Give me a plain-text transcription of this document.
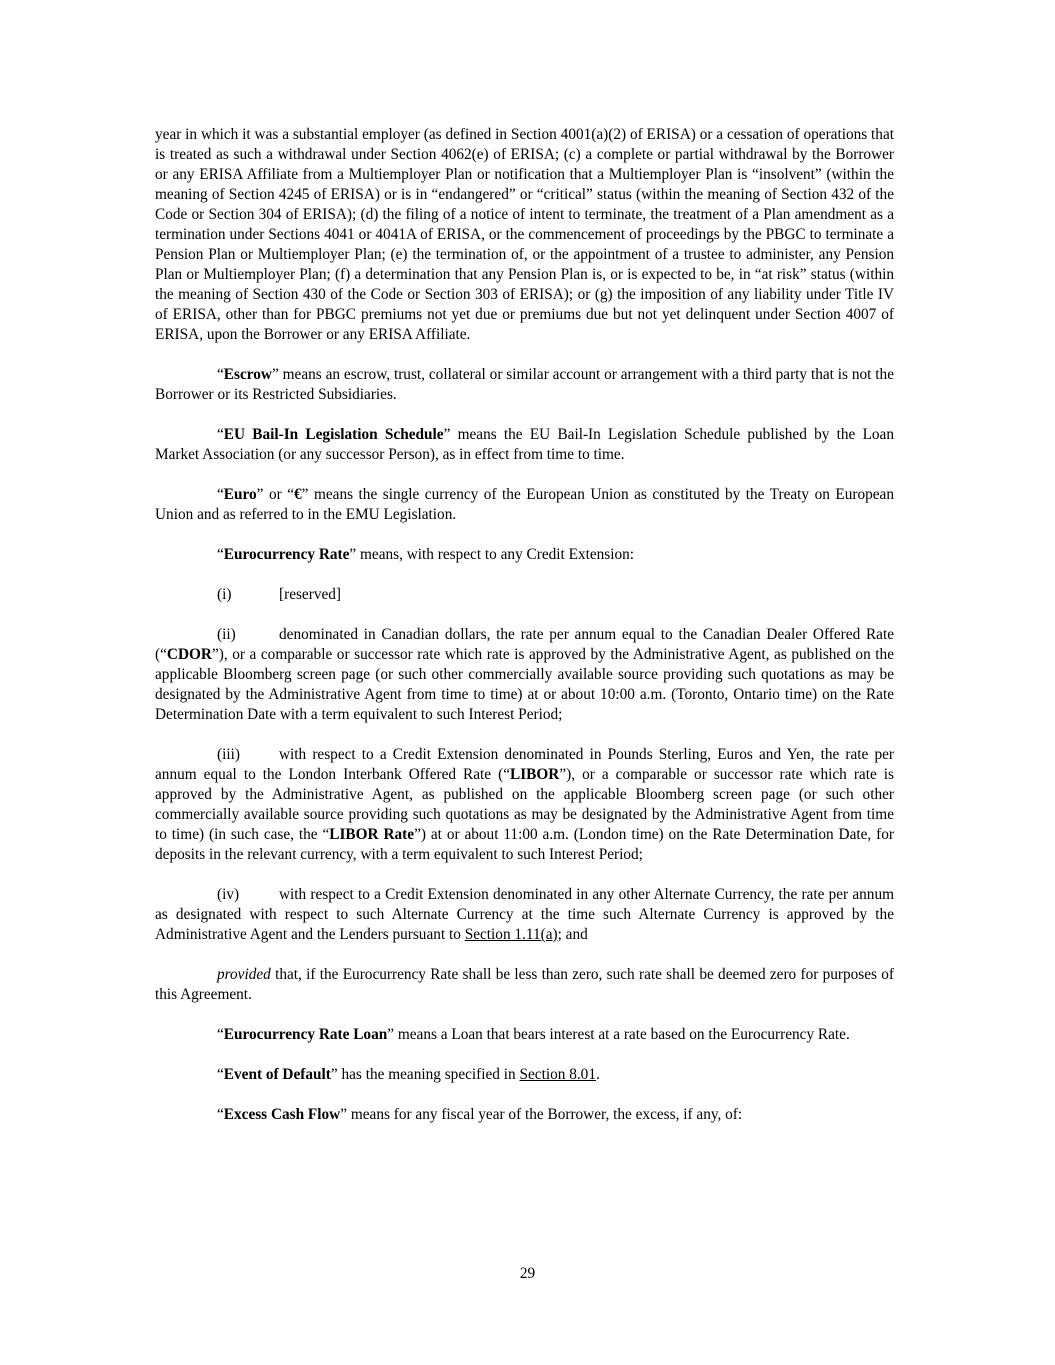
year in which it was a substantial employer (as defined in Section 4001(a)(2) of ERISA) or a cessation of operations that is treated as such a withdrawal under Section 4062(e) of ERISA; (c) a complete or partial withdrawal by the Borrower or any ERISA Affiliate from a Multiemployer Plan or notification that a Multiemployer Plan is “insolvent” (within the meaning of Section 4245 of ERISA) or is in “endangered” or “critical” status (within the meaning of Section 432 of the Code or Section 304 of ERISA); (d) the filing of a notice of intent to terminate, the treatment of a Plan amendment as a termination under Sections 4041 or 4041A of ERISA, or the commencement of proceedings by the PBGC to terminate a Pension Plan or Multiemployer Plan; (e) the termination of, or the appointment of a trustee to administer, any Pension Plan or Multiemployer Plan; (f) a determination that any Pension Plan is, or is expected to be, in “at risk” status (within the meaning of Section 430 of the Code or Section 303 of ERISA); or (g) the imposition of any liability under Title IV of ERISA, other than for PBGC premiums not yet due or premiums due but not yet delinquent under Section 4007 of ERISA, upon the Borrower or any ERISA Affiliate.

“Escrow” means an escrow, trust, collateral or similar account or arrangement with a third party that is not the Borrower or its Restricted Subsidiaries.

“EU Bail-In Legislation Schedule” means the EU Bail-In Legislation Schedule published by the Loan Market Association (or any successor Person), as in effect from time to time.

“Euro” or “€” means the single currency of the European Union as constituted by the Treaty on European Union and as referred to in the EMU Legislation.

“Eurocurrency Rate” means, with respect to any Credit Extension:

(i)	[reserved]

(ii)	denominated in Canadian dollars, the rate per annum equal to the Canadian Dealer Offered Rate (“CDOR”), or a comparable or successor rate which rate is approved by the Administrative Agent, as published on the applicable Bloomberg screen page (or such other commercially available source providing such quotations as may be designated by the Administrative Agent from time to time) at or about 10:00 a.m. (Toronto, Ontario time) on the Rate Determination Date with a term equivalent to such Interest Period;

(iii)	with respect to a Credit Extension denominated in Pounds Sterling, Euros and Yen, the rate per annum equal to the London Interbank Offered Rate (“LIBOR”), or a comparable or successor rate which rate is approved by the Administrative Agent, as published on the applicable Bloomberg screen page (or such other commercially available source providing such quotations as may be designated by the Administrative Agent from time to time) (in such case, the “LIBOR Rate”) at or about 11:00 a.m. (London time) on the Rate Determination Date, for deposits in the relevant currency, with a term equivalent to such Interest Period;

(iv)	with respect to a Credit Extension denominated in any other Alternate Currency, the rate per annum as designated with respect to such Alternate Currency at the time such Alternate Currency is approved by the Administrative Agent and the Lenders pursuant to Section 1.11(a); and

provided that, if the Eurocurrency Rate shall be less than zero, such rate shall be deemed zero for purposes of this Agreement.

“Eurocurrency Rate Loan” means a Loan that bears interest at a rate based on the Eurocurrency Rate.

“Event of Default” has the meaning specified in Section 8.01.

“Excess Cash Flow” means for any fiscal year of the Borrower, the excess, if any, of:

29
